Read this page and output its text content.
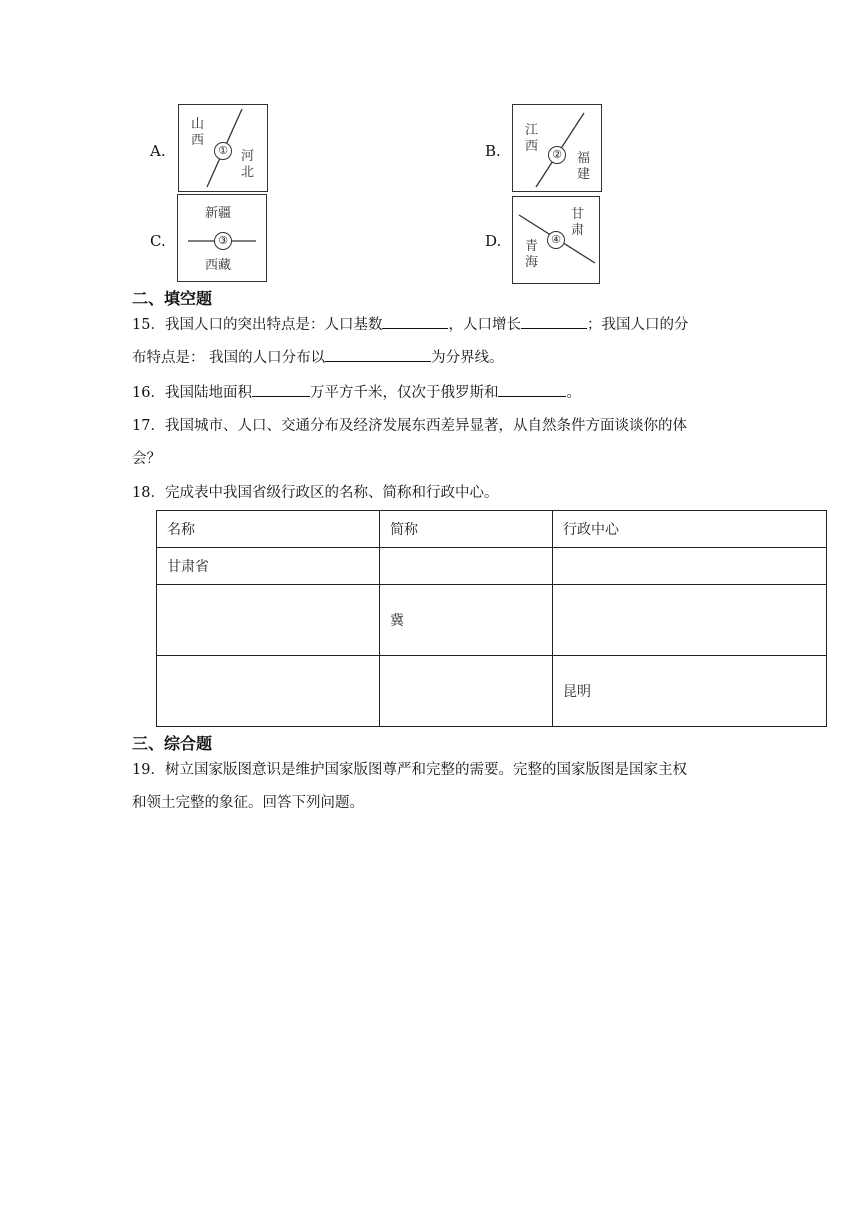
A.
山西
河北
①	B.
江西
福建
②
C.
新疆
西藏
③	D.
甘肃
青海
④
二、填空题
15．我国人口的突出特点是：人口基数	，人口增长	；我国人口的分
布特点是： 我国的人口分布以	为分界线。
16．我国陆地面积	万平方千米，仅次于俄罗斯和	。
17．我国城市、人口、交通分布及经济发展东西差异显著，从自然条件方面谈谈你的体
会？
18．完成表中我国省级行政区的名称、简称和行政中心。
名称	简称	行政中心
甘肃省		
	冀	
		昆明
三、综合题
19．树立国家版图意识是维护国家版图尊严和完整的需要。完整的国家版图是国家主权
和领土完整的象征。回答下列问题。
